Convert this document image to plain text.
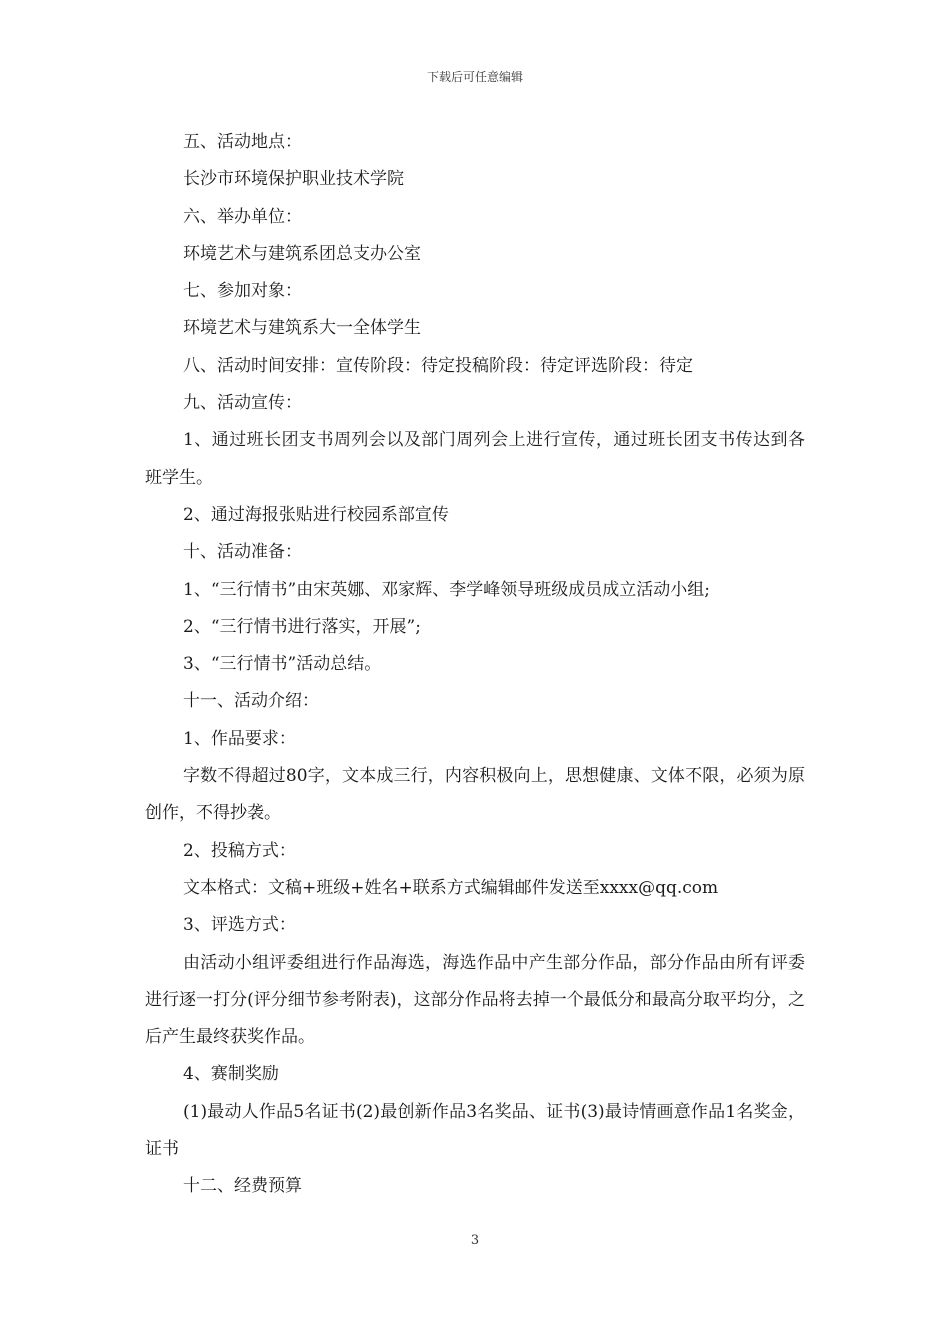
下载后可任意编辑
五、活动地点：
长沙市环境保护职业技术学院
六、举办单位：
环境艺术与建筑系团总支办公室
七、参加对象：
环境艺术与建筑系大一全体学生
八、活动时间安排：宣传阶段：待定投稿阶段：待定评选阶段：待定
九、活动宣传：
1、通过班长团支书周列会以及部门周列会上进行宣传，通过班长团支书传达到各班学生。
2、通过海报张贴进行校园系部宣传
十、活动准备：
1、“三行情书”由宋英娜、邓家辉、李学峰领导班级成员成立活动小组;
2、“三行情书进行落实，开展”;
3、“三行情书”活动总结。
十一、活动介绍：
1、作品要求：
字数不得超过80字，文本成三行，内容积极向上，思想健康、文体不限，必须为原创作，不得抄袭。
2、投稿方式：
文本格式：文稿+班级+姓名+联系方式编辑邮件发送至xxxx@qq.com
3、评选方式：
由活动小组评委组进行作品海选，海选作品中产生部分作品，部分作品由所有评委进行逐一打分(评分细节参考附表)，这部分作品将去掉一个最低分和最高分取平均分，之后产生最终获奖作品。
4、赛制奖励
(1)最动人作品5名证书(2)最创新作品3名奖品、证书(3)最诗情画意作品1名奖金，证书
十二、经费预算
3
